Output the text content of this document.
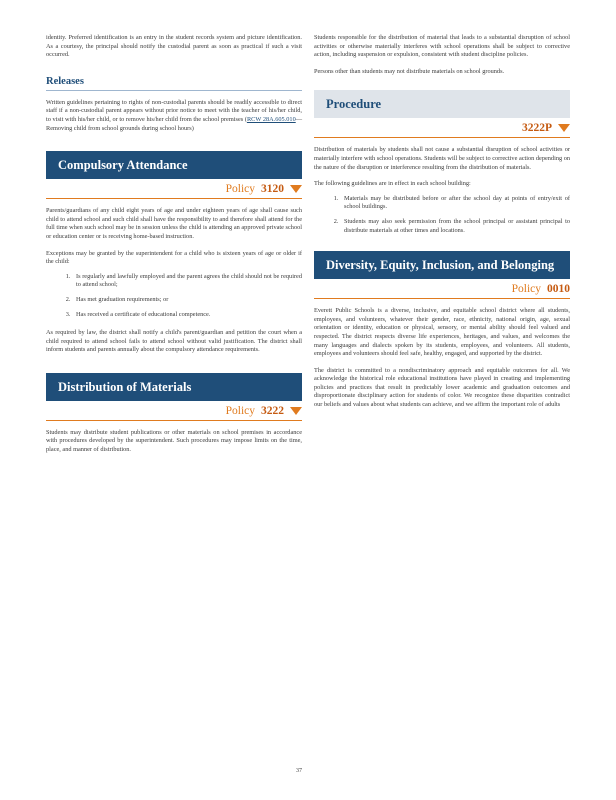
identity. Preferred identification is an entry in the student records system and picture identification. As a courtesy, the principal should notify the custodial parent as soon as practical if such a visit occurred.

Releases

Written guidelines pertaining to rights of non-custodial parents should be readily accessible to direct staff if a non-custodial parent appears without prior notice to meet with the teacher of his/her child, to visit with his/her child, or to remove his/her child from the school premises (RCW 28A.605.010—Removing child from school grounds during school hours)

Compulsory Attendance
Policy 3120

Parents/guardians of any child eight years of age and under eighteen years of age shall cause such child to attend school and such child shall have the responsibility to and therefore shall attend for the full time when such school may be in session unless the child is attending an approved private school or education center or is receiving home-based instruction.

Exceptions may be granted by the superintendent for a child who is sixteen years of age or older if the child:

1. Is regularly and lawfully employed and the parent agrees the child should not be required to attend school;
2. Has met graduation requirements; or
3. Has received a certificate of educational competence.

As required by law, the district shall notify a child's parent/guardian and petition the court when a child required to attend school fails to attend school without valid justification. The district shall inform students and parents annually about the compulsory attendance requirements.

Distribution of Materials
Policy 3222

Students may distribute student publications or other materials on school premises in accordance with procedures developed by the superintendent. Such procedures may impose limits on the time, place, and manner of distribution.

Students responsible for the distribution of material that leads to a substantial disruption of school activities or otherwise materially interferes with school operations shall be subject to corrective action, including suspension or expulsion, consistent with student discipline policies.

Persons other than students may not distribute materials on school grounds.

Procedure
3222P

Distribution of materials by students shall not cause a substantial disruption of school activities or materially interfere with school operations. Students will be subject to corrective action depending on the nature of the disruption or interference resulting from the distribution of materials.

The following guidelines are in effect in each school building:

1. Materials may be distributed before or after the school day at points of entry/exit of school buildings.
2. Students may also seek permission from the school principal or assistant principal to distribute materials at other times and locations.
Diversity, Equity, Inclusion, and Belonging
Policy 0010

Everett Public Schools is a diverse, inclusive, and equitable school district where all students, employees, and volunteers, whatever their gender, race, ethnicity, national origin, age, sexual orientation or identity, education or physical, sensory, or mental ability should feel valued and respected. The district respects diverse life experiences, heritages, and values, and welcomes the many languages and dialects spoken by its students, employees, and volunteers. All students, employees and volunteers should feel safe, healthy, engaged, and supported by the district.

The district is committed to a nondiscriminatory approach and equitable outcomes for all. We acknowledge the historical role educational institutions have played in creating and implementing policies and practices that result in predictably lower academic and graduation outcomes and disproportionate disciplinary action for students of color. We recognize these disparities contradict our beliefs and values about what students can achieve, and we affirm the important role of adults

37
